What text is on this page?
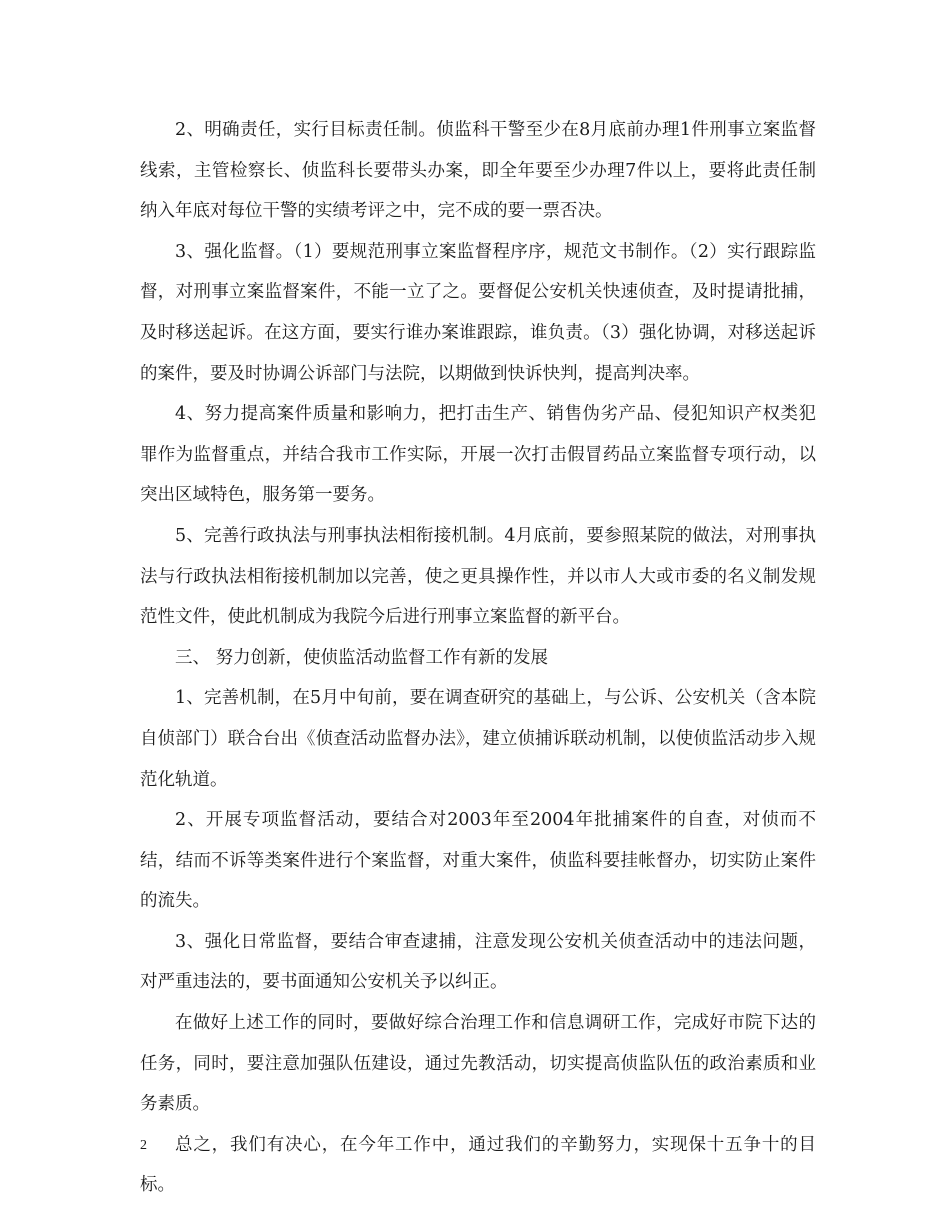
2、明确责任，实行目标责任制。侦监科干警至少在8月底前办理1件刑事立案监督线索，主管检察长、侦监科长要带头办案，即全年要至少办理7件以上，要将此责任制纳入年底对每位干警的实绩考评之中，完不成的要一票否决。

3、强化监督。（1）要规范刑事立案监督程序序，规范文书制作。（2）实行跟踪监督，对刑事立案监督案件，不能一立了之。要督促公安机关快速侦查，及时提请批捕，及时移送起诉。在这方面，要实行谁办案谁跟踪，谁负责。（3）强化协调，对移送起诉的案件，要及时协调公诉部门与法院，以期做到快诉快判，提高判决率。

4、努力提高案件质量和影响力，把打击生产、销售伪劣产品、侵犯知识产权类犯罪作为监督重点，并结合我市工作实际，开展一次打击假冒药品立案监督专项行动，以突出区域特色，服务第一要务。

5、完善行政执法与刑事执法相衔接机制。4月底前，要参照某院的做法，对刑事执法与行政执法相衔接机制加以完善，使之更具操作性，并以市人大或市委的名义制发规范性文件，使此机制成为我院今后进行刑事立案监督的新平台。

三、 努力创新，使侦监活动监督工作有新的发展

1、完善机制，在5月中旬前，要在调查研究的基础上，与公诉、公安机关（含本院自侦部门）联合台出《侦查活动监督办法》，建立侦捕诉联动机制，以使侦监活动步入规范化轨道。

2、开展专项监督活动，要结合对2003年至2004年批捕案件的自查，对侦而不结，结而不诉等类案件进行个案监督，对重大案件，侦监科要挂帐督办，切实防止案件的流失。

3、强化日常监督，要结合审查逮捕，注意发现公安机关侦查活动中的违法问题，对严重违法的，要书面通知公安机关予以纠正。

在做好上述工作的同时，要做好综合治理工作和信息调研工作，完成好市院下达的任务，同时，要注意加强队伍建设，通过先教活动，切实提高侦监队伍的政治素质和业务素质。

总之，我们有决心，在今年工作中，通过我们的辛勤努力，实现保十五争十的目标。

2
